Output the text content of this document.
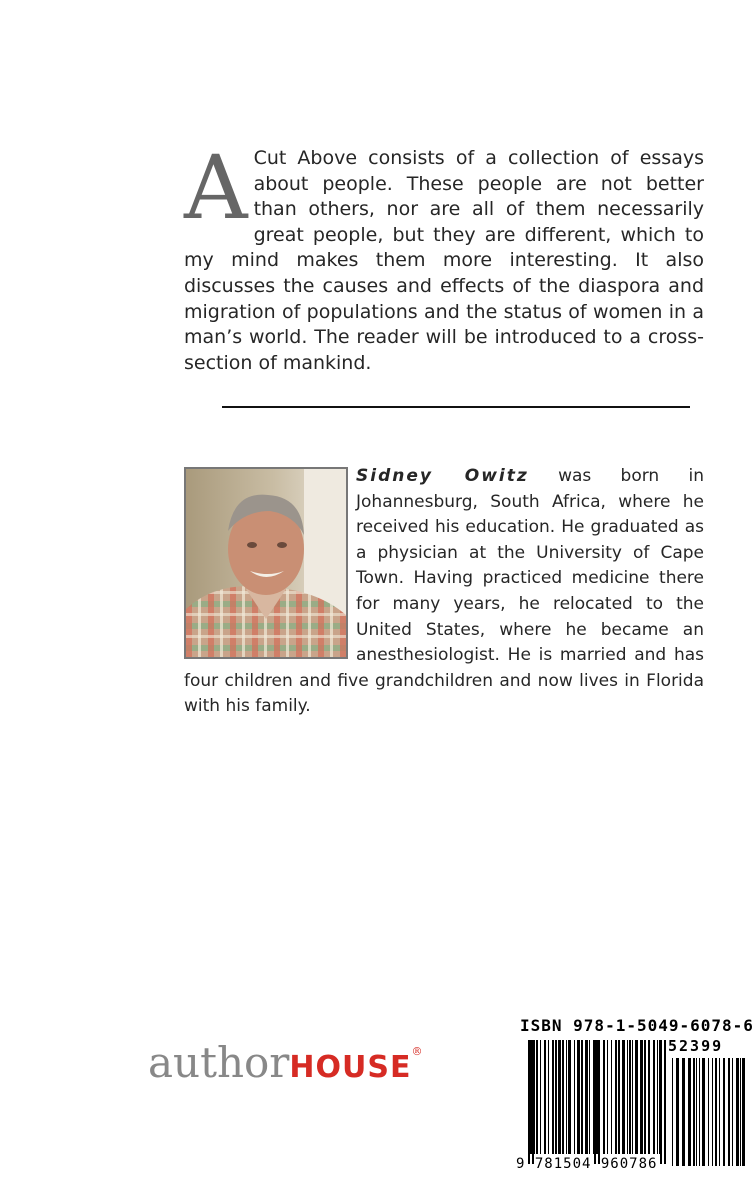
A Cut Above consists of a collection of essays about people. These people are not better than others, nor are all of them necessarily great people, but they are different, which to my mind makes them more interesting. It also discusses the causes and effects of the diaspora and migration of populations and the status of women in a man’s world. The reader will be introduced to a cross-section of mankind.
Sidney Owitz was born in Johannesburg, South Africa, where he received his education. He graduated as a physician at the University of Cape Town. Having practiced medicine there for many years, he relocated to the United States, where he became an anesthesiologist. He is married and has four children and five grandchildren and now lives in Florida with his family.
authorHOUSE®
ISBN 978-1-5049-6078-6
52399
9 781504 960786
